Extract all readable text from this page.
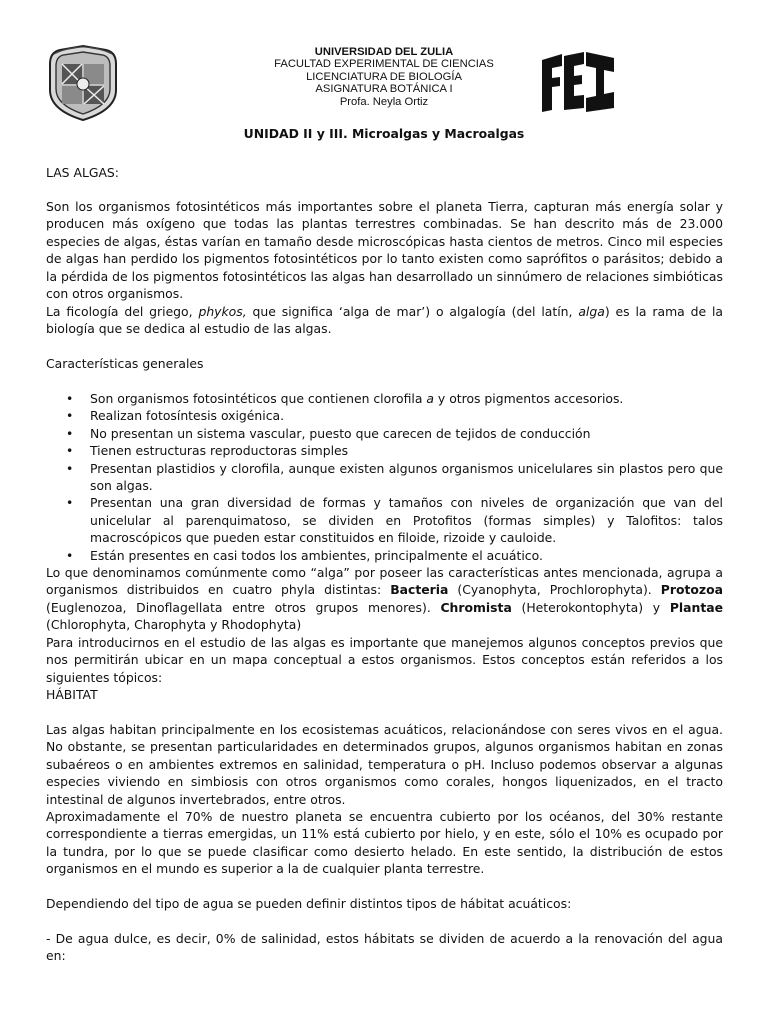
UNIVERSIDAD DEL ZULIA
FACULTAD EXPERIMENTAL DE CIENCIAS
LICENCIATURA DE BIOLOGÍA
ASIGNATURA BOTÁNICA I
Profa. Neyla Ortiz
UNIDAD II y III. Microalgas y Macroalgas

LAS ALGAS:

Son los organismos fotosintéticos más importantes sobre el planeta Tierra, capturan más energía solar y producen más oxígeno que todas las plantas terrestres combinadas. Se han descrito más de 23.000 especies de algas, éstas varían en tamaño desde microscópicas hasta cientos de metros. Cinco mil especies de algas han perdido los pigmentos fotosintéticos por lo tanto existen como saprófitos o parásitos; debido a la pérdida de los pigmentos fotosintéticos las algas han desarrollado un sinnúmero de relaciones simbióticas con otros organismos.

La ficología del griego, phykos, que significa ‘alga de mar’) o algalogía (del latín, alga) es la rama de la biología que se dedica al estudio de las algas.

Características generales

• Son organismos fotosintéticos que contienen clorofila a y otros pigmentos accesorios.
• Realizan fotosíntesis oxigénica.
• No presentan un sistema vascular, puesto que carecen de tejidos de conducción
• Tienen estructuras reproductoras simples
• Presentan plastidios y clorofila, aunque existen algunos organismos unicelulares sin plastos pero que son algas.
• Presentan una gran diversidad de formas y tamaños con niveles de organización que van del unicelular al parenquimatoso, se dividen en Protofitos (formas simples) y Talofitos: talos macroscópicos que pueden estar constituidos en filoide, rizoide y cauloide.
• Están presentes en casi todos los ambientes, principalmente el acuático.

Lo que denominamos comúnmente como “alga” por poseer las características antes mencionada, agrupa a organismos distribuidos en cuatro phyla distintas: Bacteria (Cyanophyta, Prochlorophyta). Protozoa (Euglenozoa, Dinoflagellata entre otros grupos menores). Chromista (Heterokontophyta) y Plantae (Chlorophyta, Charophyta y Rhodophyta)

Para introducirnos en el estudio de las algas es importante que manejemos algunos conceptos previos que nos permitirán ubicar en un mapa conceptual a estos organismos. Estos conceptos están referidos a los siguientes tópicos:

HÁBITAT

Las algas habitan principalmente en los ecosistemas acuáticos, relacionándose con seres vivos en el agua. No obstante, se presentan particularidades en determinados grupos, algunos organismos habitan en zonas subaéreos o en ambientes extremos en salinidad, temperatura o pH. Incluso podemos observar a algunas especies viviendo en simbiosis con otros organismos como corales, hongos liquenizados, en el tracto intestinal de algunos invertebrados, entre otros.

Aproximadamente el 70% de nuestro planeta se encuentra cubierto por los océanos, del 30% restante correspondiente a tierras emergidas, un 11% está cubierto por hielo, y en este, sólo el 10% es ocupado por la tundra, por lo que se puede clasificar como desierto helado. En este sentido, la distribución de estos organismos en el mundo es superior a la de cualquier planta terrestre.

Dependiendo del tipo de agua se pueden definir distintos tipos de hábitat acuáticos:

- De agua dulce, es decir, 0% de salinidad, estos hábitats se dividen de acuerdo a la renovación del agua en:
